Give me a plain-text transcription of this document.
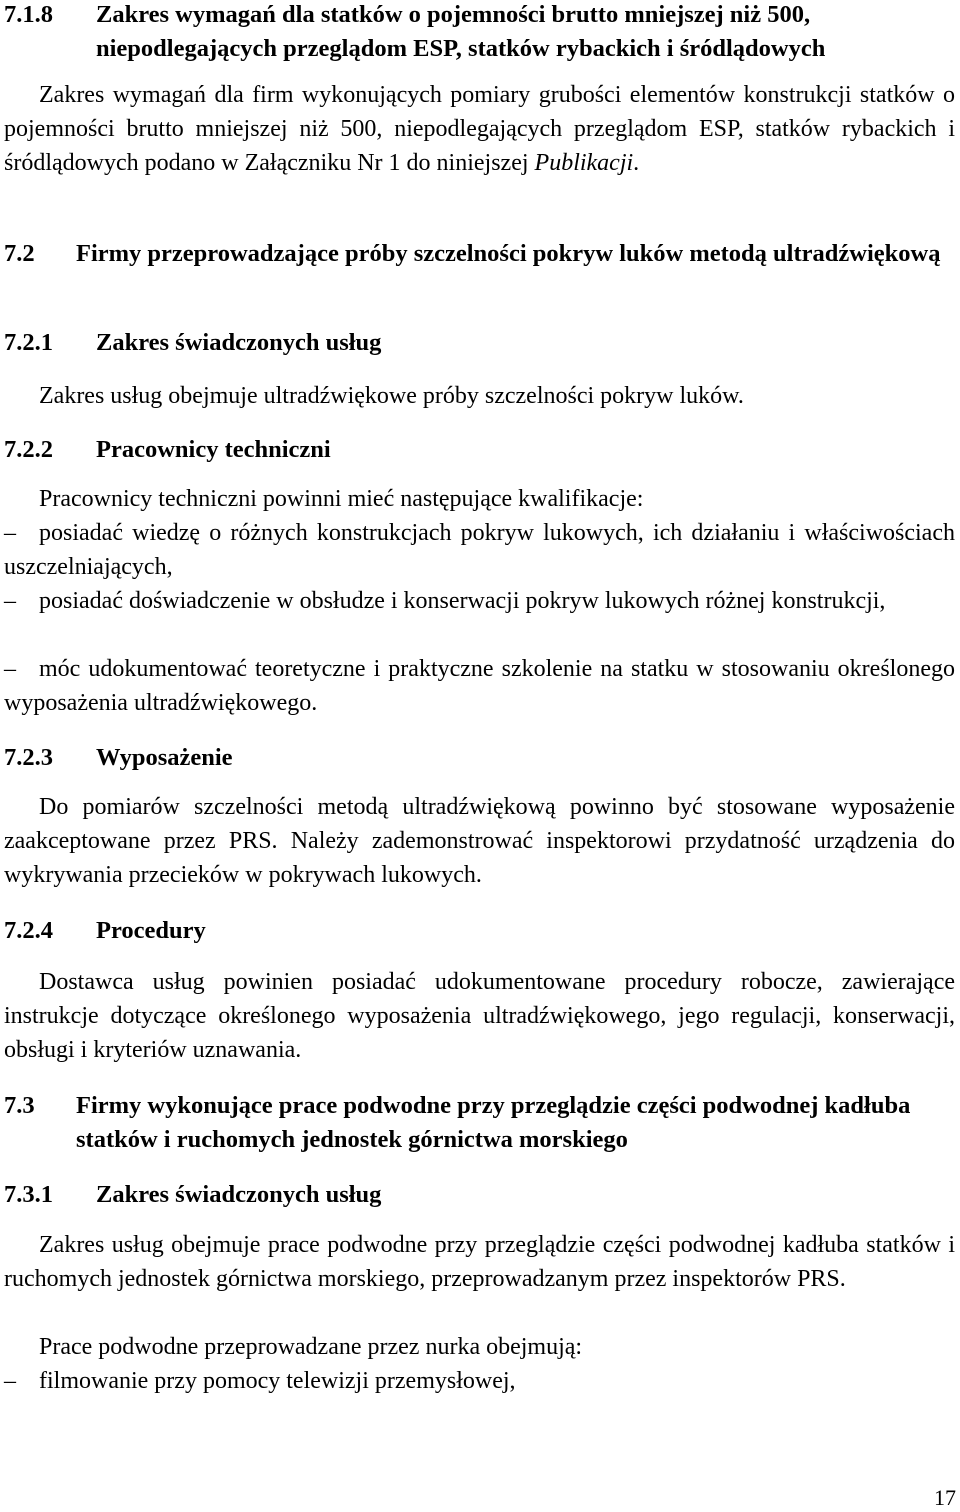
7.1.8 Zakres wymagań dla statków o pojemności brutto mniejszej niż 500, niepodlegających przeglądom ESP, statków rybackich i śródlądowych
Zakres wymagań dla firm wykonujących pomiary grubości elementów konstrukcji statków o pojemności brutto mniejszej niż 500, niepodlegających przeglądom ESP, statków rybackich i śródlądowych podano w Załączniku Nr 1 do niniejszej Publikacji.
7.2 Firmy przeprowadzające próby szczelności pokryw luków metodą ultradźwiękową
7.2.1 Zakres świadczonych usług
Zakres usług obejmuje ultradźwiękowe próby szczelności pokryw luków.
7.2.2 Pracownicy techniczni
Pracownicy techniczni powinni mieć następujące kwalifikacje:
– posiadać wiedzę o różnych konstrukcjach pokryw lukowych, ich działaniu i właściwościach uszczelniających,
– posiadać doświadczenie w obsłudze i konserwacji pokryw lukowych różnej konstrukcji,
– móc udokumentować teoretyczne i praktyczne szkolenie na statku w stosowaniu określonego wyposażenia ultradźwiękowego.
7.2.3 Wyposażenie
Do pomiarów szczelności metodą ultradźwiękową powinno być stosowane wyposażenie zaakceptowane przez PRS. Należy zademonstrować inspektorowi przydatność urządzenia do wykrywania przecieków w pokrywach lukowych.
7.2.4 Procedury
Dostawca usług powinien posiadać udokumentowane procedury robocze, zawierające instrukcje dotyczące określonego wyposażenia ultradźwiękowego, jego regulacji, konserwacji, obsługi i kryteriów uznawania.
7.3 Firmy wykonujące prace podwodne przy przeglądzie części podwodnej kadłuba statków i ruchomych jednostek górnictwa morskiego
7.3.1 Zakres świadczonych usług
Zakres usług obejmuje prace podwodne przy przeglądzie części podwodnej kadłuba statków i ruchomych jednostek górnictwa morskiego, przeprowadzanym przez inspektorów PRS.
Prace podwodne przeprowadzane przez nurka obejmują:
– filmowanie przy pomocy telewizji przemysłowej,
17
